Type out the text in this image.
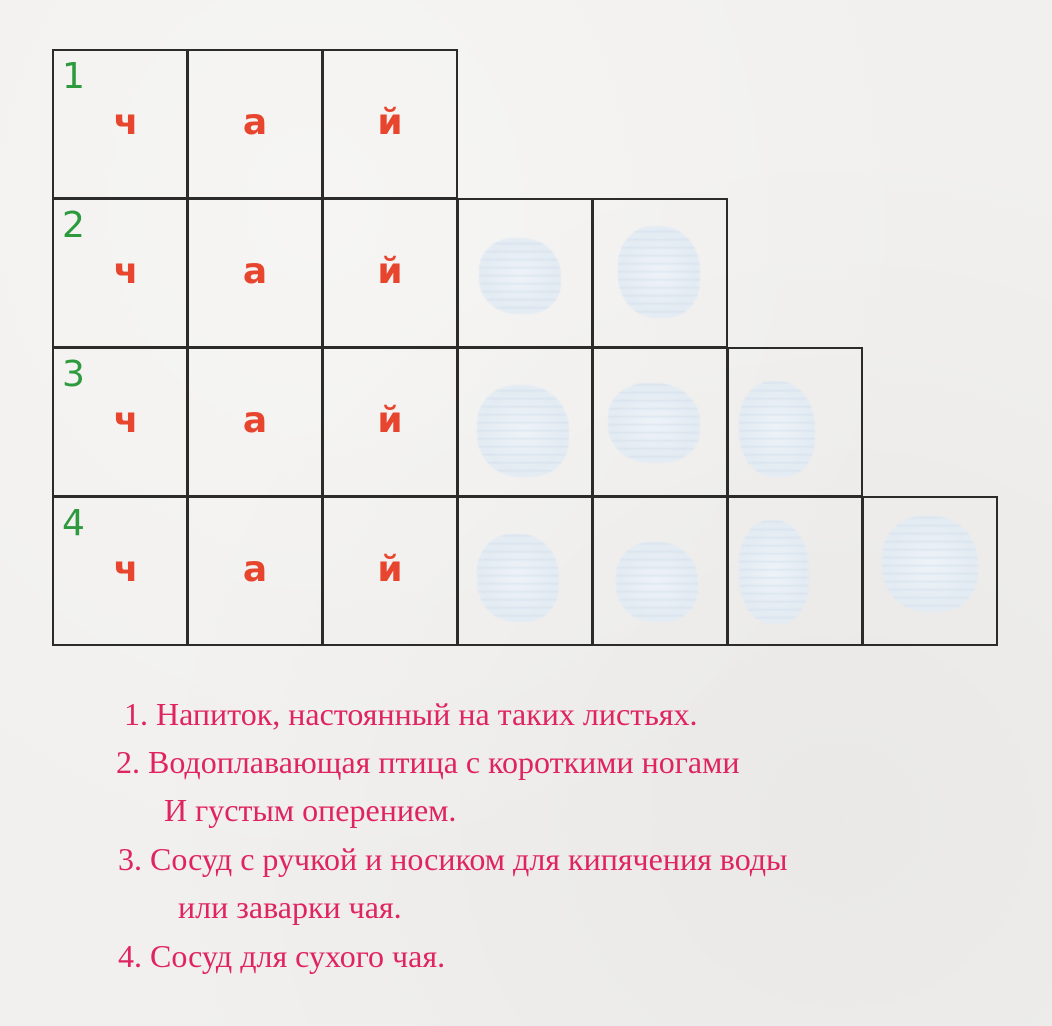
1
ч	а	й
2
ч	а	й
3
ч	а	й
4
ч	а	й
1. Напиток, настоянный на таких листьях.
2. Водоплавающая птица с короткими ногами
И густым оперением.
3. Сосуд с ручкой и носиком для кипячения воды
или заварки чая.
4. Сосуд для сухого чая.
